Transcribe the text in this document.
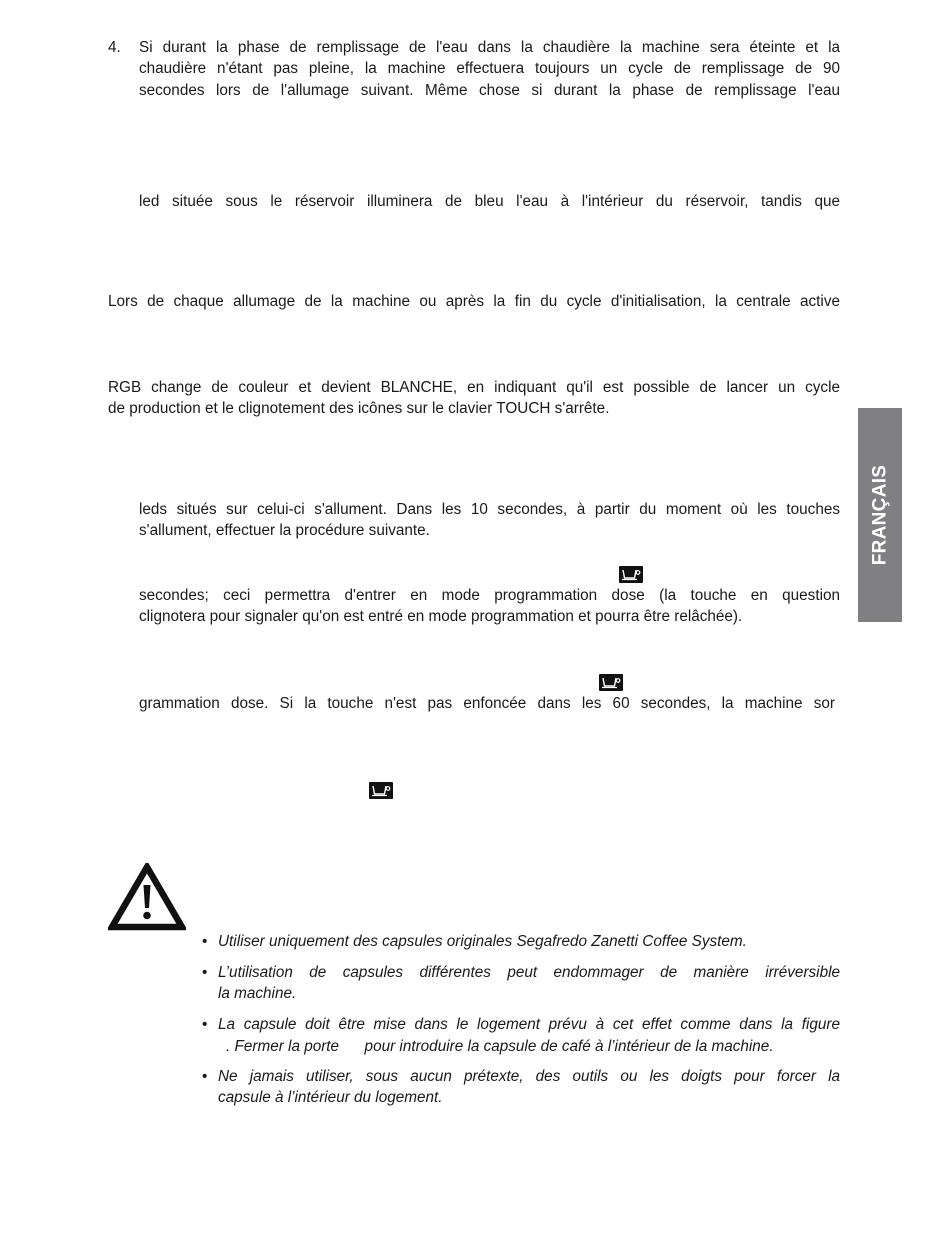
4. Si durant la phase de remplissage de l'eau dans la chaudière la machine sera éteinte et la
chaudière n'étant pas pleine, la machine effectuera toujours un cycle de remplissage de 90
secondes lors de l'allumage suivant. Même chose si durant la phase de remplissage l'eau
led située sous le réservoir illuminera de bleu l'eau à l'intérieur du réservoir, tandis que
Lors de chaque allumage de la machine ou après la fin du cycle d'initialisation, la centrale active
RGB change de couleur et devient BLANCHE, en indiquant qu'il est possible de lancer un cycle
de production et le clignotement des icônes sur le clavier TOUCH s'arrête.
leds situés sur celui-ci s'allument. Dans les 10 secondes, à partir du moment où les touches
s'allument, effectuer la procédure suivante.
secondes; ceci permettra d'entrer en mode programmation dose (la touche en question
clignotera pour signaler qu'on est entré en mode programmation et pourra être relâchée).
grammation dose. Si la touche n'est pas enfoncée dans les 60 secondes, la machine sor
FRANÇAIS
• Utiliser uniquement des capsules originales Segafredo Zanetti Coffee System.
• L’utilisation de capsules différentes peut endommager de manière irréversible
la machine.
• La capsule doit être mise dans le logement prévu à cet effet comme dans la figure
. Fermer la porte      pour introduire la capsule de café à l’intérieur de la machine.
• Ne jamais utiliser, sous aucun prétexte, des outils ou les doigts pour forcer la
capsule à l’intérieur du logement.
